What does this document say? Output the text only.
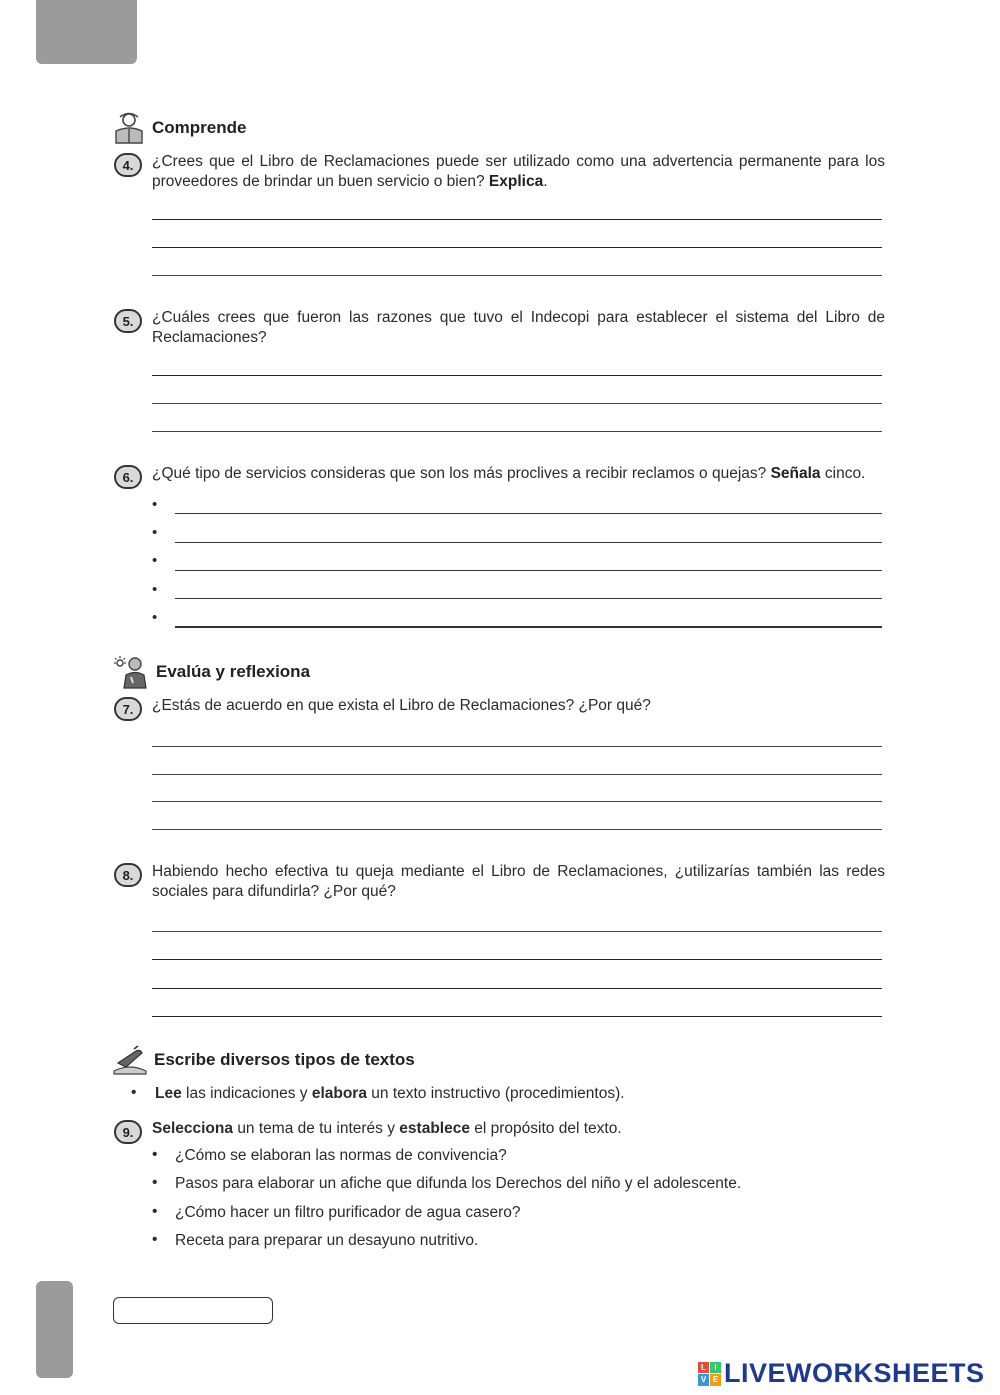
Comprende
4.	¿Crees que el Libro de Reclamaciones puede ser utilizado como una advertencia permanente para los proveedores de brindar un buen servicio o bien? Explica.
5.	¿Cuáles crees que fueron las razones que tuvo el Indecopi para establecer el sistema del Libro de Reclamaciones?
6.	¿Qué tipo de servicios consideras que son los más proclives a recibir reclamos o quejas? Señala cinco.
•
•
•
•
•
Evalúa y reflexiona
7.	¿Estás de acuerdo en que exista el Libro de Reclamaciones? ¿Por qué?
8.	Habiendo hecho efectiva tu queja mediante el Libro de Reclamaciones, ¿utilizarías también las redes sociales para difundirla? ¿Por qué?
Escribe diversos tipos de textos
• Lee las indicaciones y elabora un texto instructivo (procedimientos).
9.	Selecciona un tema de tu interés y establece el propósito del texto.
• ¿Cómo se elaboran las normas de convivencia?
• Pasos para elaborar un afiche que difunda los Derechos del niño y el adolescente.
• ¿Cómo hacer un filtro purificador de agua casero?
• Receta para preparar un desayuno nutritivo.
L	I
V E LIVEWORKSHEETS
